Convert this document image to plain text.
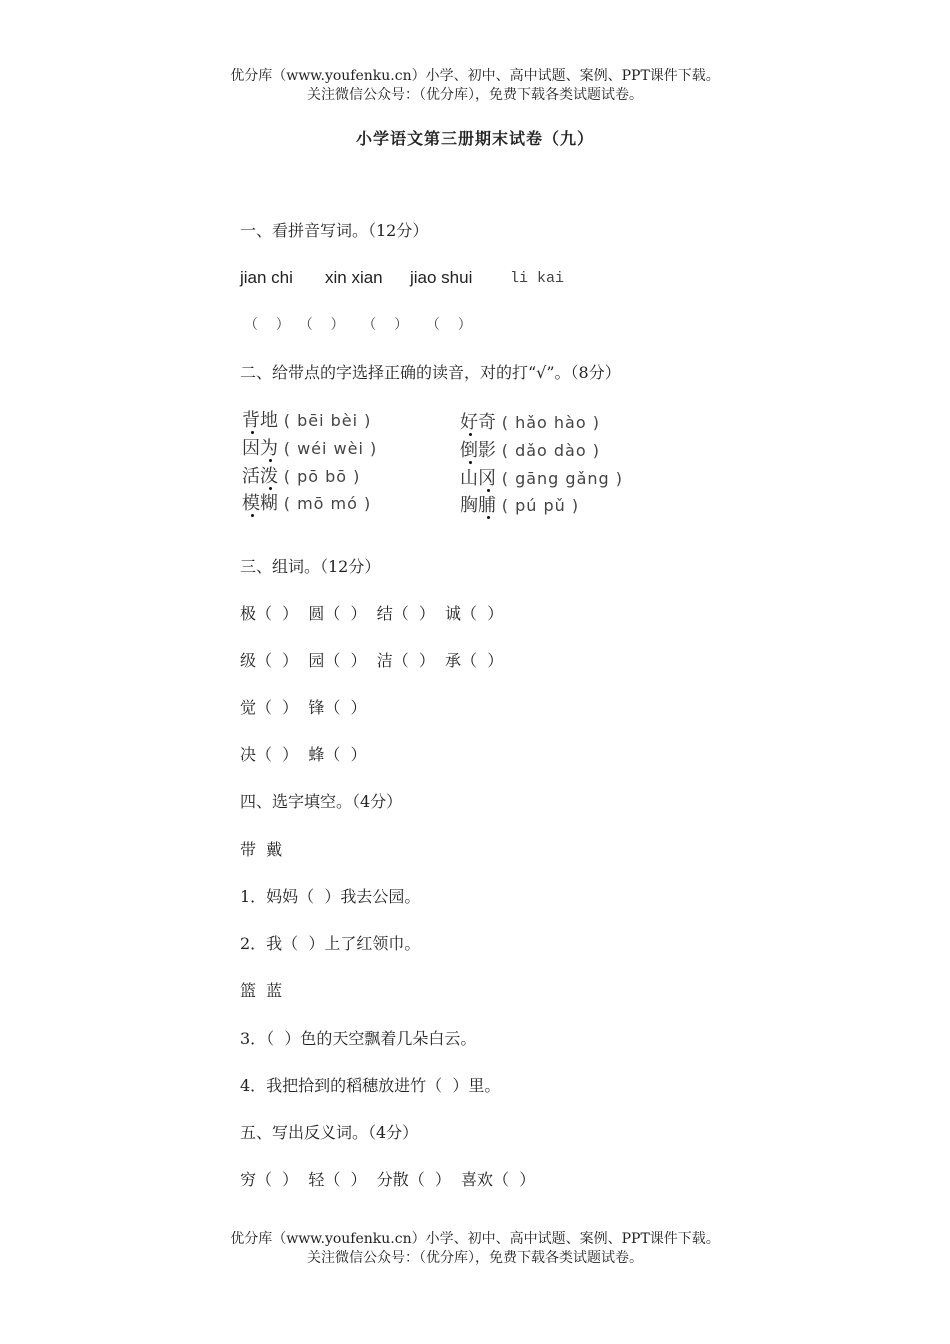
优分库（www.youfenku.cn）小学、初中、高中试题、案例、PPT课件下载。
关注微信公众号：（优分库），免费下载各类试题试卷。
小学语文第三册期末试卷（九）
一、看拼音写词。（12分）
jian chi xin xian jiao shui	li kai
（    ）  （    ）    （    ）    （    ）
二、给带点的字选择正确的读音，对的打“√”。（8分）
背地 ( bēi bèi )
因为 ( wéi wèi )
活泼 ( pō bō )
模糊 ( mō mó )
好奇 ( hǎo hào )
倒影 ( dǎo dào )
山冈 ( gāng gǎng )
胸脯 ( pú pǔ )
三、组词。（12分）
极（  ）  圆（  ）  结（  ）  诚（  ）
级（  ）  园（  ）  洁（  ）  承（  ）
觉（  ）  锋（  ）
决（  ）  蜂（  ）
四、选字填空。（4分）
带  戴
1．妈妈（  ）我去公园。
2．我（  ）上了红领巾。
篮  蓝
3．（  ）色的天空飘着几朵白云。
4．我把拾到的稻穗放进竹（  ）里。
五、写出反义词。（4分）
穷（  ）  轻（  ）  分散（  ）  喜欢（  ）
优分库（www.youfenku.cn）小学、初中、高中试题、案例、PPT课件下载。
关注微信公众号：（优分库），免费下载各类试题试卷。
